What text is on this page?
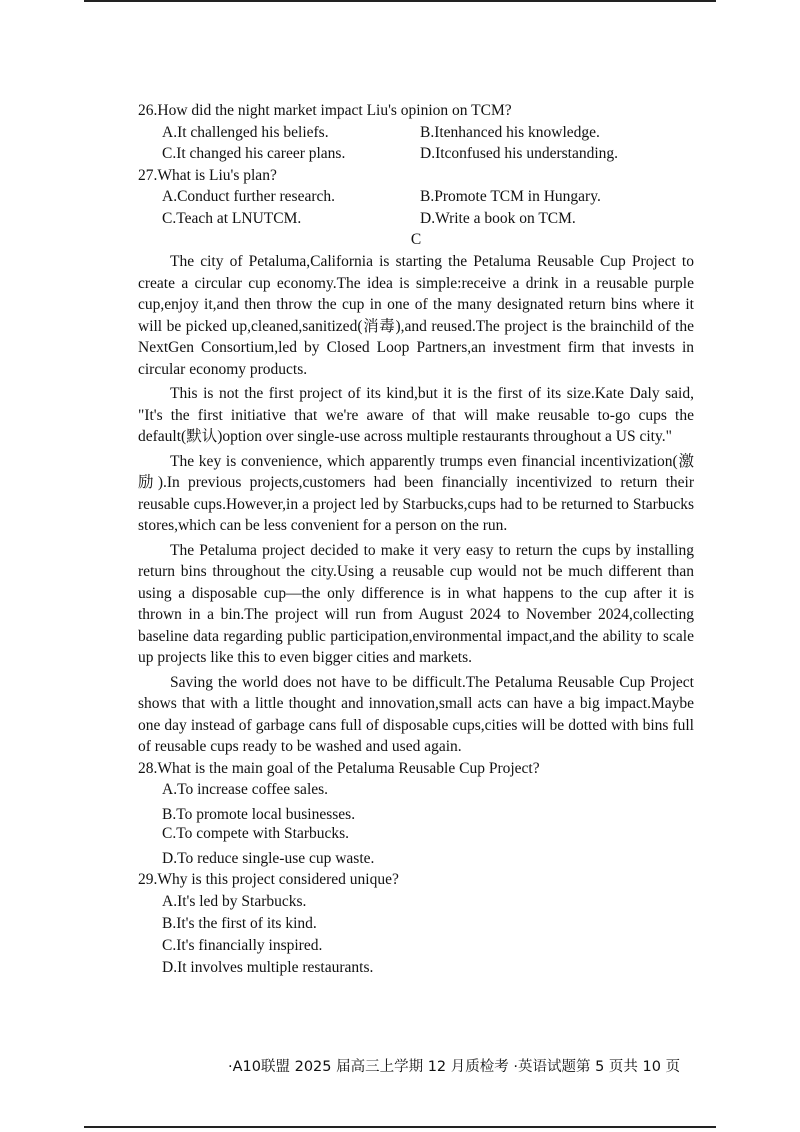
26.How did the night market impact Liu's opinion on TCM?

A.It challenged his beliefs.	B.Itenhanced his knowledge.
C.It changed his career plans.	D.Itconfused his understanding.

27.What is Liu's plan?

A.Conduct further research.	B.Promote TCM in Hungary.
C.Teach at LNUTCM.	D.Write a book on TCM.

C

The city of Petaluma,California is starting the Petaluma Reusable Cup Project to create a circular cup economy.The idea is simple:receive a drink in a reusable purple cup,enjoy it,and then throw the cup in one of the many designated return bins where it will be picked up,cleaned,sanitized(消毒),and reused.The project is the brainchild of the NextGen Consortium,led by Closed Loop Partners,an investment firm that invests in circular economy products.

This is not the first project of its kind,but it is the first of its size.Kate Daly said, "It's the first initiative that we're aware of that will make reusable to-go cups the default(默认)option over single-use across multiple restaurants throughout a US city."

The key is convenience, which apparently trumps even financial incentivization(激励).In previous projects,customers had been financially incentivized to return their reusable cups.However,in a project led by Starbucks,cups had to be returned to Starbucks stores,which can be less convenient for a person on the run.

The Petaluma project decided to make it very easy to return the cups by installing return bins throughout the city.Using a reusable cup would not be much different than using a disposable cup—the only difference is in what happens to the cup after it is thrown in a bin.The project will run from August 2024 to November 2024,collecting baseline data regarding public participation,environmental impact,and the ability to scale up projects like this to even bigger cities and markets.

Saving the world does not have to be difficult.The Petaluma Reusable Cup Project shows that with a little thought and innovation,small acts can have a big impact.Maybe one day instead of garbage cans full of disposable cups,cities will be dotted with bins full of reusable cups ready to be washed and used again.

28.What is the main goal of the Petaluma Reusable Cup Project?

A.To increase coffee sales.

B.To promote local businesses. C.To compete with Starbucks.

D.To reduce single-use cup waste.

29.Why is this project considered unique?

A.It's led by Starbucks.

B.It's the first of its kind.

C.It's financially inspired.

D.It involves multiple restaurants.

·A10联盟 2025 届高三上学期 12 月质检考 ·英语试题第 5 页共 10 页
